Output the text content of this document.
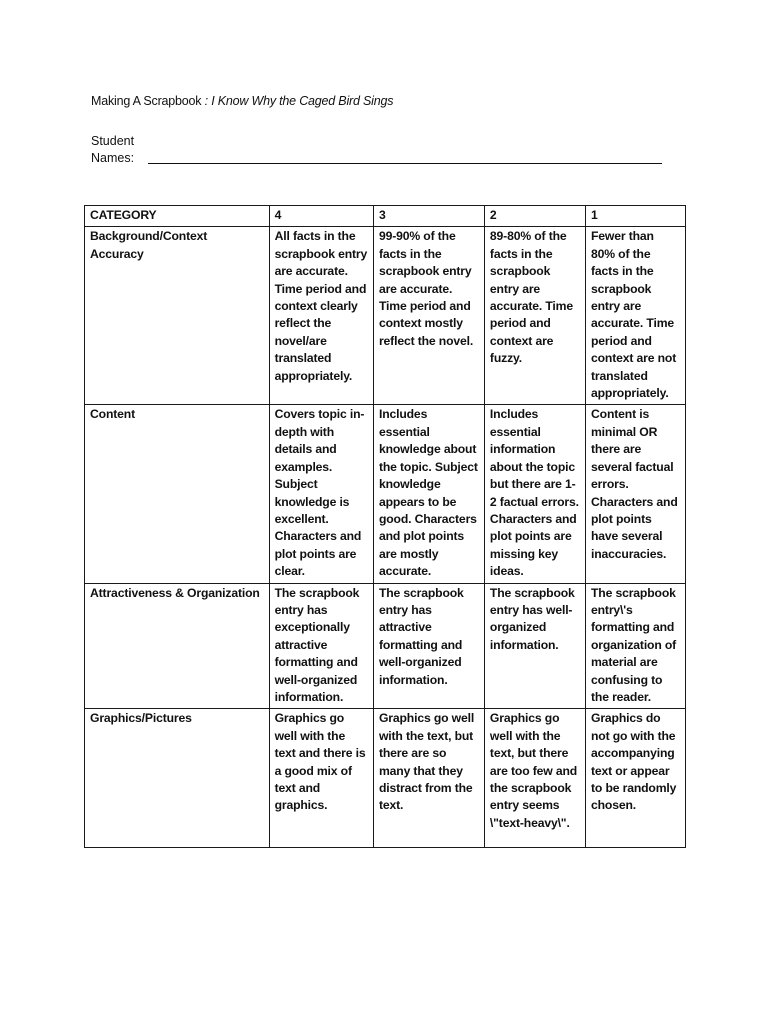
Making A Scrapbook : I Know Why the Caged Bird Sings
Student
Names:
CATEGORY	4	3	2	1
Background/Context Accuracy	All facts in the scrapbook entry are accurate. Time period and context clearly reflect the novel/are translated appropriately.	99-90% of the facts in the scrapbook entry are accurate. Time period and context mostly reflect the novel.	89-80% of the facts in the scrapbook entry are accurate. Time period and context are fuzzy.	Fewer than 80% of the facts in the scrapbook entry are accurate. Time period and context are not translated appropriately.
Content	Covers topic in-depth with details and examples. Subject knowledge is excellent. Characters and plot points are clear.	Includes essential knowledge about the topic. Subject knowledge appears to be good. Characters and plot points are mostly accurate.	Includes essential information about the topic but there are 1-2 factual errors. Characters and plot points are missing key ideas.	Content is minimal OR there are several factual errors. Characters and plot points have several inaccuracies.
Attractiveness & Organization	The scrapbook entry has exceptionally attractive formatting and well-organized information.	The scrapbook entry has attractive formatting and well-organized information.	The scrapbook entry has well-organized information.	The scrapbook entry\'s formatting and organization of material are confusing to the reader.
Graphics/Pictures	Graphics go well with the text and there is a good mix of text and graphics.	Graphics go well with the text, but there are so many that they distract from the text.	Graphics go well with the text, but there are too few and the scrapbook entry seems \"text-heavy\".	Graphics do not go with the accompanying text or appear to be randomly chosen.
